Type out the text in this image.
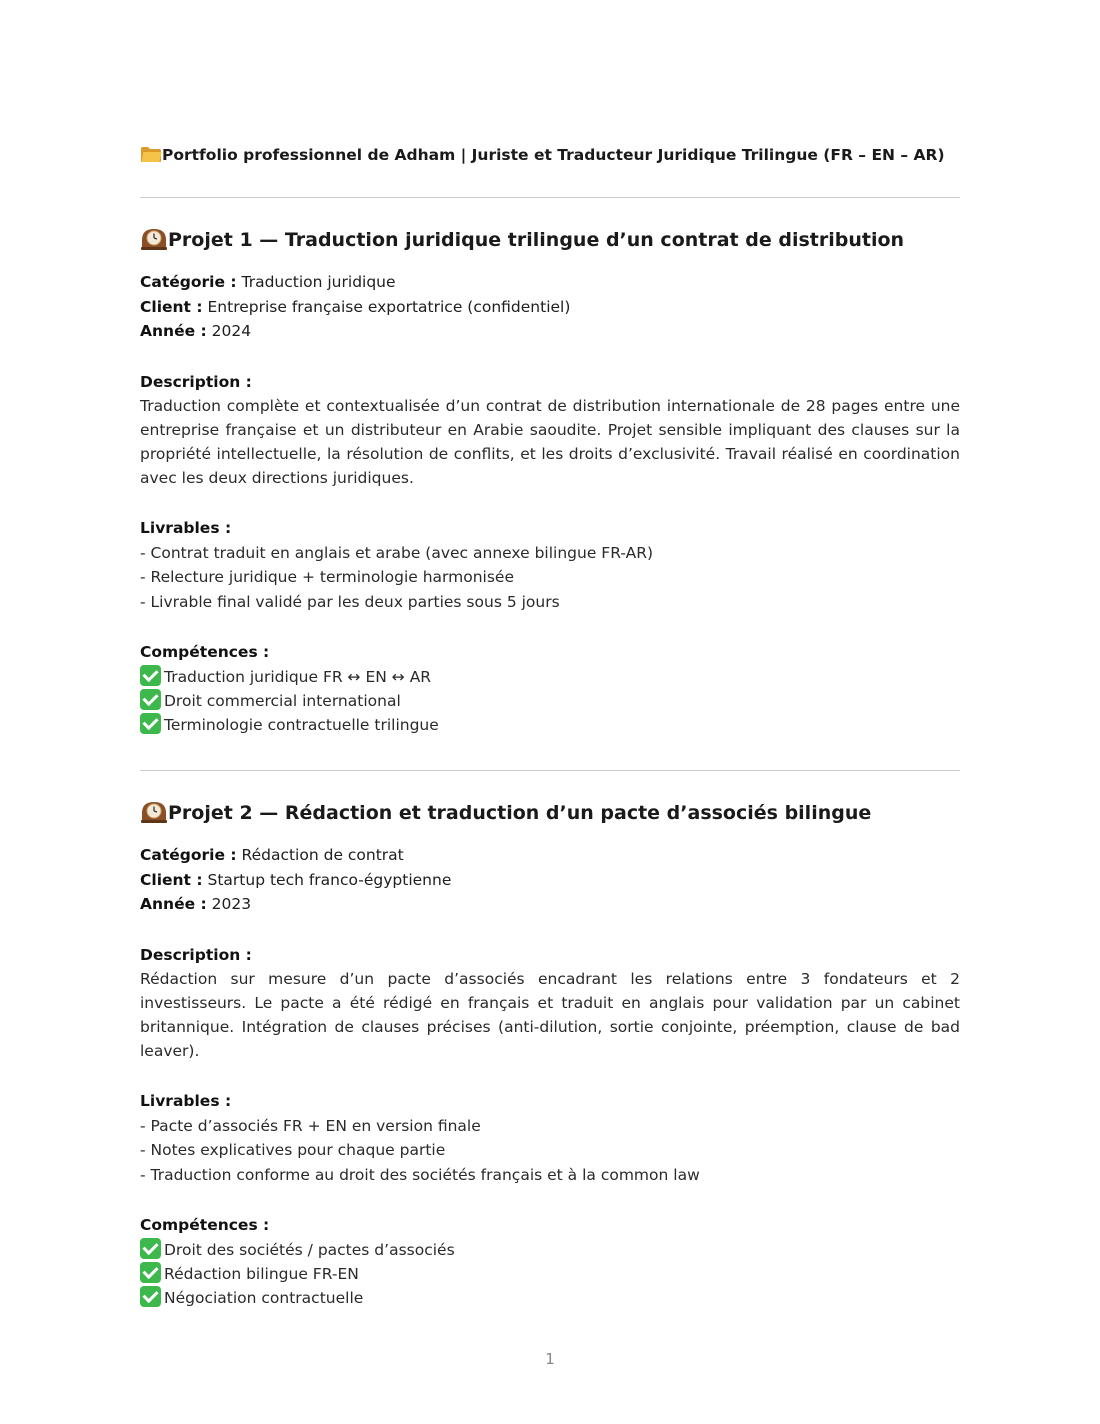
Portfolio professionnel de Adham | Juriste et Traducteur Juridique Trilingue (FR – EN – AR)
Projet 1 — Traduction juridique trilingue d’un contrat de distribution
Catégorie : Traduction juridique
Client : Entreprise française exportatrice (confidentiel)
Année : 2024
Description :
Traduction complète et contextualisée d’un contrat de distribution internationale de 28 pages entre une entreprise française et un distributeur en Arabie saoudite. Projet sensible impliquant des clauses sur la propriété intellectuelle, la résolution de conflits, et les droits d’exclusivité. Travail réalisé en coordination avec les deux directions juridiques.
Livrables :
- Contrat traduit en anglais et arabe (avec annexe bilingue FR-AR)
- Relecture juridique + terminologie harmonisée
- Livrable final validé par les deux parties sous 5 jours
Compétences :
Traduction juridique FR ↔ EN ↔ AR
Droit commercial international
Terminologie contractuelle trilingue
Projet 2 — Rédaction et traduction d’un pacte d’associés bilingue
Catégorie : Rédaction de contrat
Client : Startup tech franco-égyptienne
Année : 2023
Description :
Rédaction sur mesure d’un pacte d’associés encadrant les relations entre 3 fondateurs et 2 investisseurs. Le pacte a été rédigé en français et traduit en anglais pour validation par un cabinet britannique. Intégration de clauses précises (anti-dilution, sortie conjointe, préemption, clause de bad leaver).
Livrables :
- Pacte d’associés FR + EN en version finale
- Notes explicatives pour chaque partie
- Traduction conforme au droit des sociétés français et à la common law
Compétences :
Droit des sociétés / pactes d’associés
Rédaction bilingue FR-EN
Négociation contractuelle
1
